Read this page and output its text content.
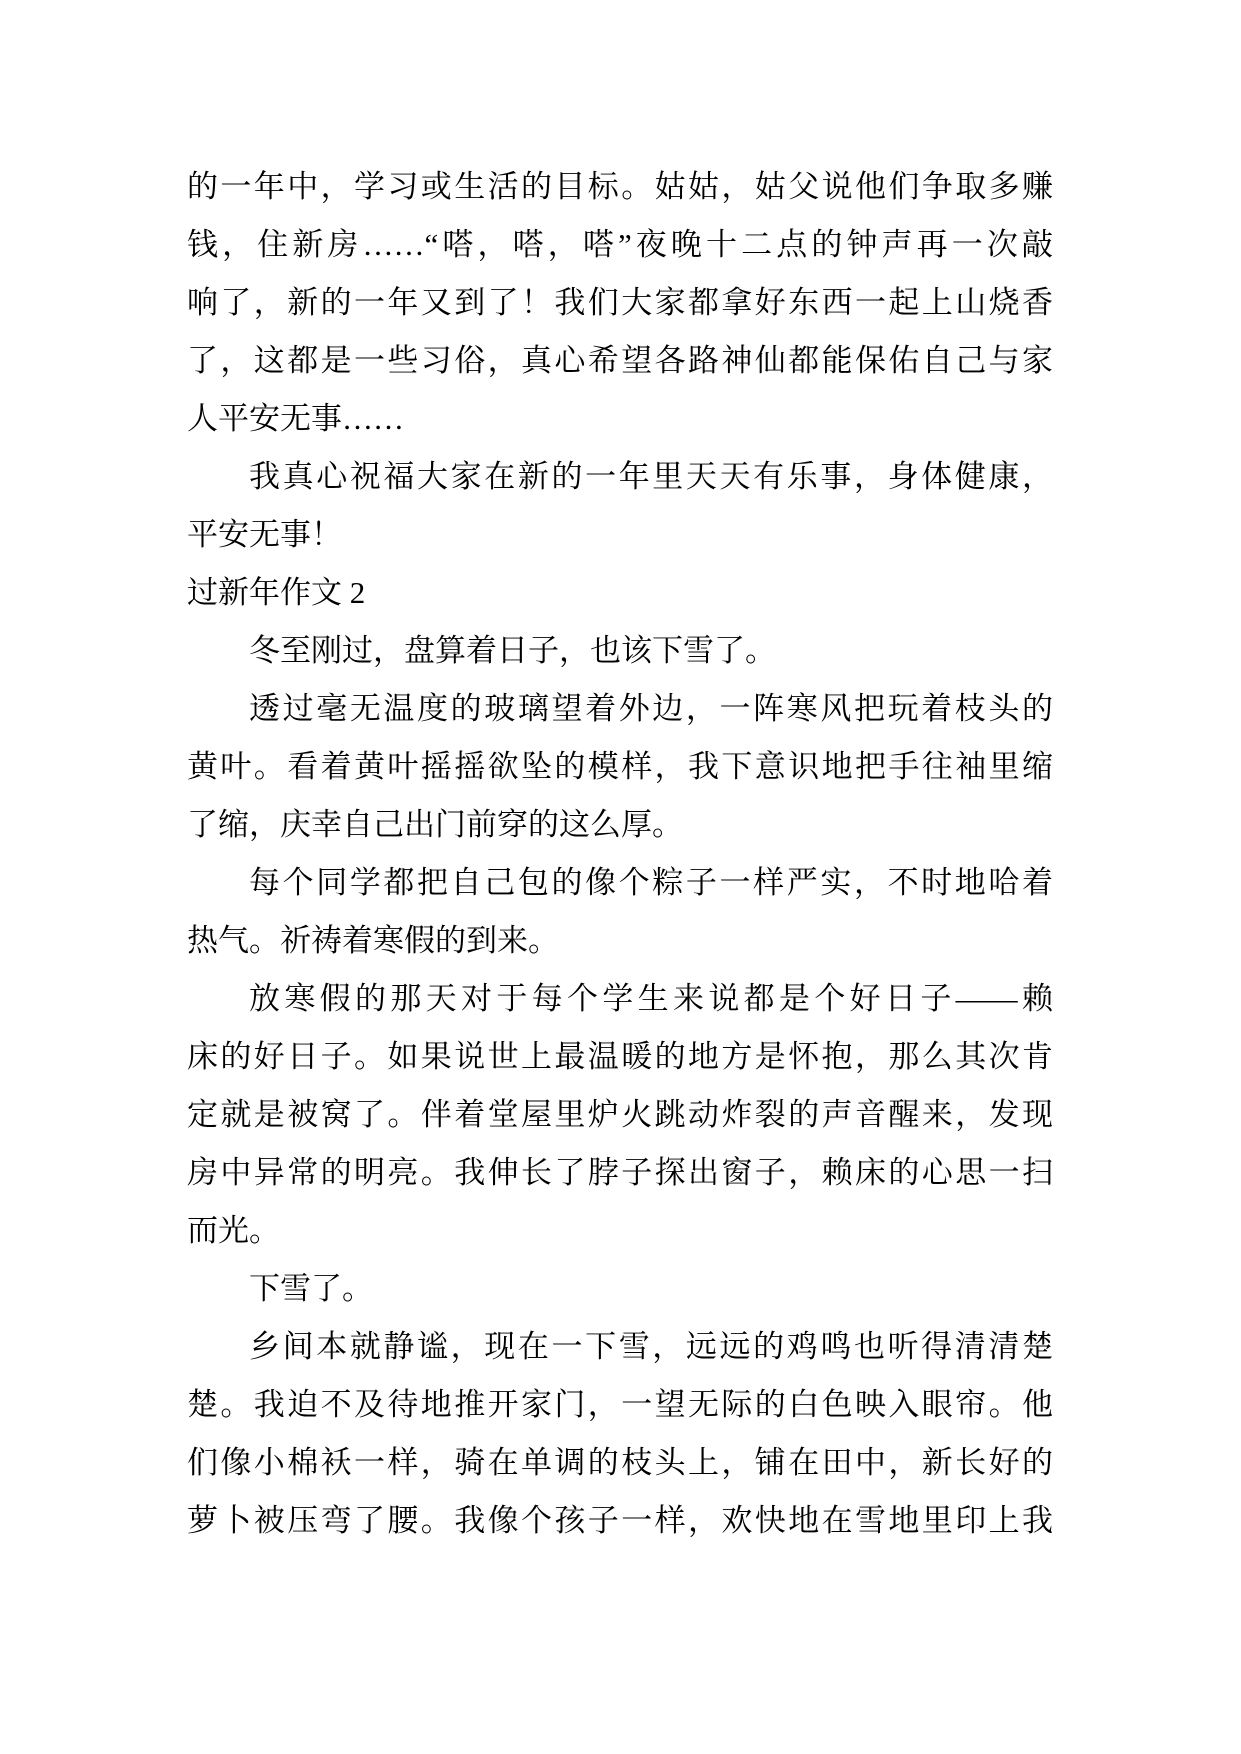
的一年中，学习或生活的目标。姑姑，姑父说他们争取多赚
钱，住新房……“嗒，嗒，嗒”夜晚十二点的钟声再一次敲
响了，新的一年又到了！我们大家都拿好东西一起上山烧香
了，这都是一些习俗，真心希望各路神仙都能保佑自己与家
人平安无事……
我真心祝福大家在新的一年里天天有乐事，身体健康，
平安无事！
过新年作文 2
冬至刚过，盘算着日子，也该下雪了。
透过毫无温度的玻璃望着外边，一阵寒风把玩着枝头的
黄叶。看着黄叶摇摇欲坠的模样，我下意识地把手往袖里缩
了缩，庆幸自己出门前穿的这么厚。
每个同学都把自己包的像个粽子一样严实，不时地哈着
热气。祈祷着寒假的到来。
放寒假的那天对于每个学生来说都是个好日子——赖
床的好日子。如果说世上最温暖的地方是怀抱，那么其次肯
定就是被窝了。伴着堂屋里炉火跳动炸裂的声音醒来，发现
房中异常的明亮。我伸长了脖子探出窗子，赖床的心思一扫
而光。
下雪了。
乡间本就静谧，现在一下雪，远远的鸡鸣也听得清清楚
楚。我迫不及待地推开家门，一望无际的白色映入眼帘。他
们像小棉袄一样，骑在单调的枝头上，铺在田中，新长好的
萝卜被压弯了腰。我像个孩子一样，欢快地在雪地里印上我
